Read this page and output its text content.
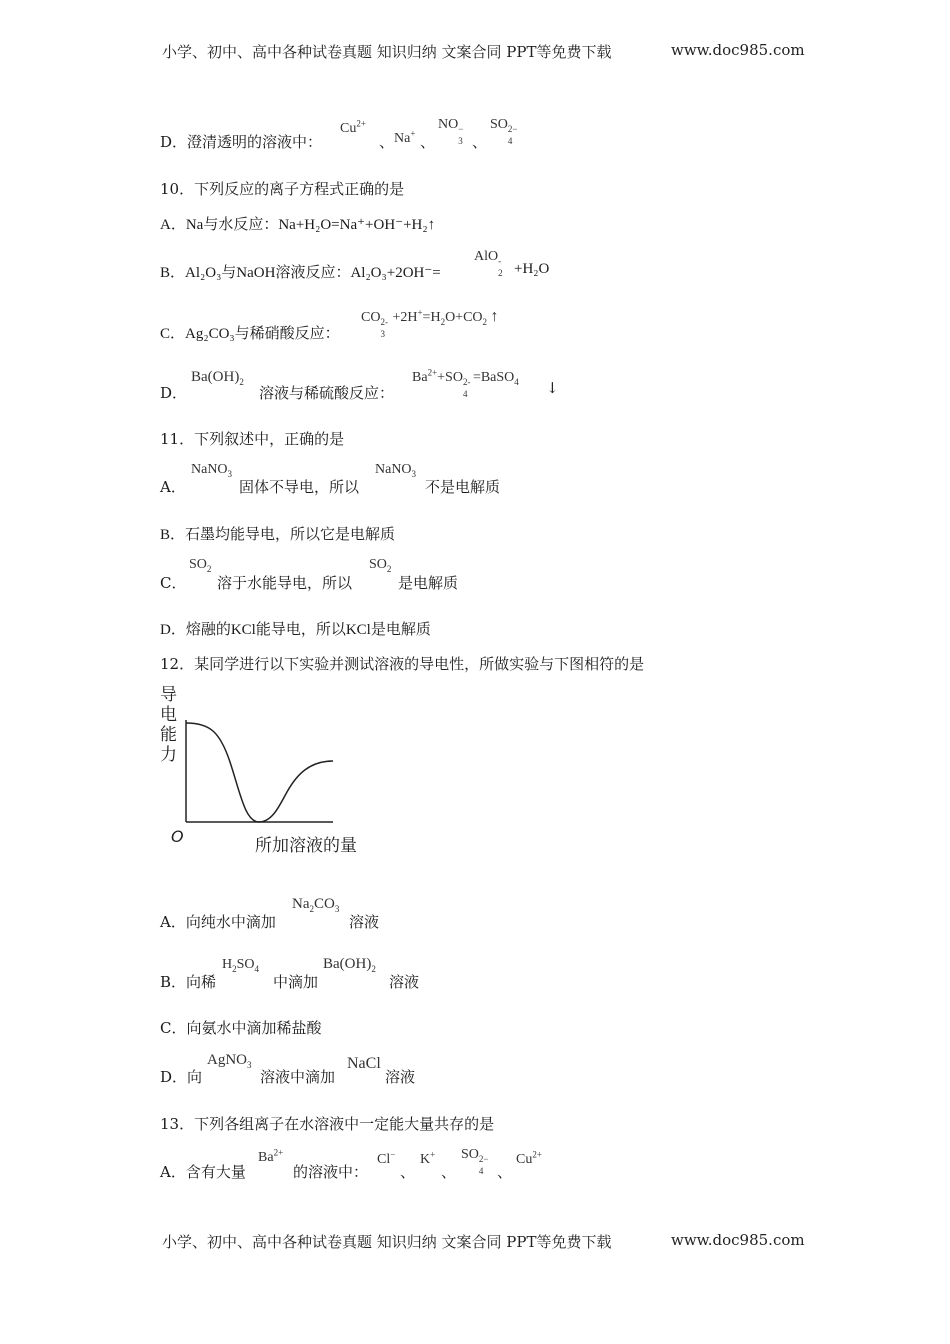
小学、初中、高中各种试卷真题 知识归纳 文案合同 PPT等免费下载	www.doc985.com
D．澄清透明的溶液中：
$Cu^{2+}$
、 Na+ 、
NO −
3 、
SO 2−
4
10．下列反应的离子方程式正确的是
A．Na与水反应：Na+H₂O=Na⁺+OH⁻+H₂↑
B．Al₂O₃与NaOH溶液反应：Al₂O₃+2OH⁻=
AlO -
2 +H₂O
C．Ag₂CO₃与稀硝酸反应：
CO 2-
3
$+2H^+=H_2O+CO_2$ ↑
D．
$Ba(OH)_2$
溶液与稀硫酸反应：
$Ba^{2+}+SO$ 2-
4
=BaSO$_4$ ↓
11．下列叙述中，正确的是
A．
NaNO$_3$
固体不导电，所以
NaNO$_3$
不是电解质
B．石墨均能导电，所以它是电解质
C．
$SO_2$
溶于水能导电，所以
$SO_2$
是电解质
D．熔融的KCl能导电，所以KCl是电解质
12．某同学进行以下实验并测试溶液的导电性，所做实验与下图相符的是
导
电
能
力
O	所加溶液的量
A．向纯水中滴加
$Na_2CO_3$
溶液
B．向稀
$H_2SO_4$
中滴加
$Ba(OH)_2$
溶液
C．向氨水中滴加稀盐酸
D．向
AgNO$_3$
溶液中滴加
NaCl
溶液
13．下列各组离子在水溶液中一定能大量共存的是
A．含有大量
$Ba^{2+}$
的溶液中：
Cl−
、
K+
、
SO 2−
4 、
$Cu^{2+}$
小学、初中、高中各种试卷真题 知识归纳 文案合同 PPT等免费下载	www.doc985.com
